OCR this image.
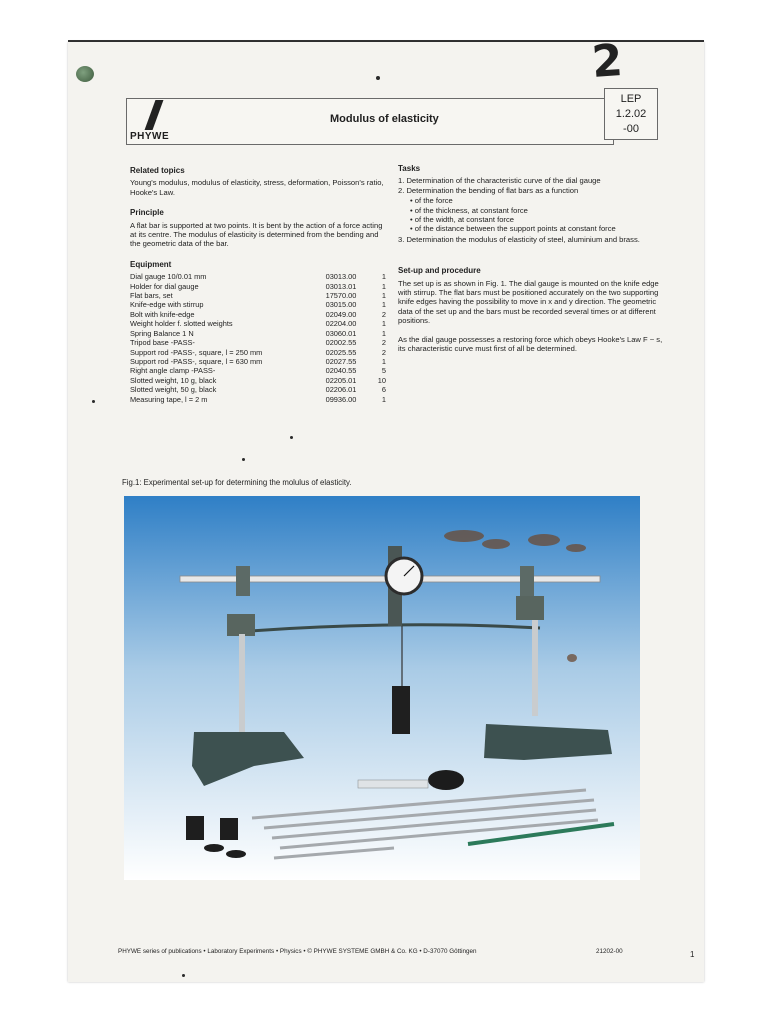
2
PHYWE
Modulus of elasticity
LEP
1.2.02
-00
Related topics

Young's modulus, modulus of elasticity, stress, deformation, Poisson's ratio, Hooke's Law.

Principle

A flat bar is supported at two points. It is bent by the action of a force acting at its centre. The modulus of elasticity is determined from the bending and the geometric data of the bar.

Equipment
Dial gauge 10/0.01 mm	03013.00	1
Holder for dial gauge	03013.01	1
Flat bars, set	17570.00	1
Knife-edge with stirrup	03015.00	1
Bolt with knife-edge	02049.00	2
Weight holder f. slotted weights	02204.00	1
Spring Balance 1 N	03060.01	1
Tripod base -PASS-	02002.55	2
Support rod -PASS-, square, l = 250 mm	02025.55	2
Support rod -PASS-, square, l = 630 mm	02027.55	1
Right angle clamp -PASS-	02040.55	5
Slotted weight, 10 g, black	02205.01	10
Slotted weight, 50 g, black	02206.01	6
Measuring tape, l = 2 m	09936.00	1
Tasks
1. Determination of the characteristic curve of the dial gauge
2. Determination the bending of flat bars as a function
• of the force
• of the thickness, at constant force
• of the width, at constant force
• of the distance between the support points at constant force
3. Determination the modulus of elasticity of steel, aluminium and brass.
Set-up and procedure

The set up is as shown in Fig. 1. The dial gauge is mounted on the knife edge with stirrup. The flat bars must be positioned accurately on the two supporting knife edges having the possibility to move in x and y direction. The geometric data of the set up and the bars must be recorded several times or at different positions.

As the dial gauge possesses a restoring force which obeys Hooke's Law F ~ s, its characteristic curve must first of all be determined.

Fig.1: Experimental set-up for determining the molulus of elasticity.
PHYWE series of publications • Laboratory Experiments • Physics • © PHYWE SYSTEME GMBH & Co. KG • D-37070 Göttingen	21202-00	1
